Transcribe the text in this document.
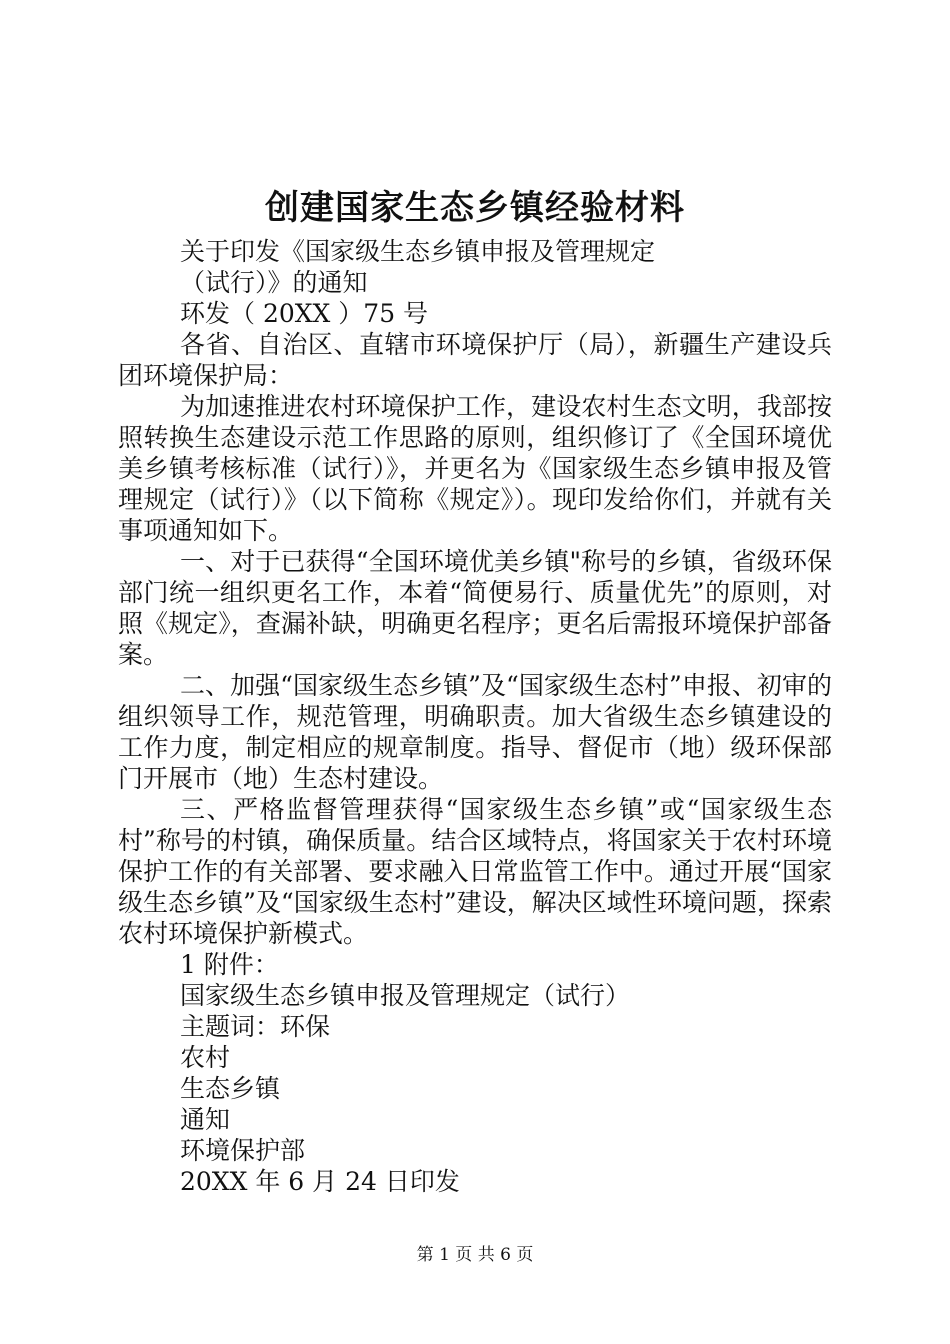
创建国家生态乡镇经验材料

关于印发《国家级生态乡镇申报及管理规定

（试行）》的通知

环发（ 20XX ）75 号

各省、自治区、直辖市环境保护厅（局），新疆生产建设兵团环境保护局：

为加速推进农村环境保护工作，建设农村生态文明，我部按照转换生态建设示范工作思路的原则，组织修订了《全国环境优美乡镇考核标准（试行）》，并更名为《国家级生态乡镇申报及管理规定（试行）》（以下简称《规定》）。现印发给你们，并就有关事项通知如下。

一、对于已获得“全国环境优美乡镇"称号的乡镇，省级环保部门统一组织更名工作，本着“简便易行、质量优先”的原则，对照《规定》，查漏补缺，明确更名程序；更名后需报环境保护部备案。

二、加强“国家级生态乡镇”及“国家级生态村”申报、初审的组织领导工作，规范管理，明确职责。加大省级生态乡镇建设的工作力度，制定相应的规章制度。指导、督促市（地）级环保部门开展市（地）生态村建设。

三、严格监督管理获得“国家级生态乡镇”或“国家级生态村”称号的村镇，确保质量。结合区域特点，将国家关于农村环境保护工作的有关部署、要求融入日常监管工作中。通过开展“国家级生态乡镇”及“国家级生态村”建设，解决区域性环境问题，探索农村环境保护新模式。

1 附件：

国家级生态乡镇申报及管理规定（试行）

主题词：环保

农村

生态乡镇

通知

环境保护部

20XX 年 6 月 24 日印发

第 1 页 共 6 页
